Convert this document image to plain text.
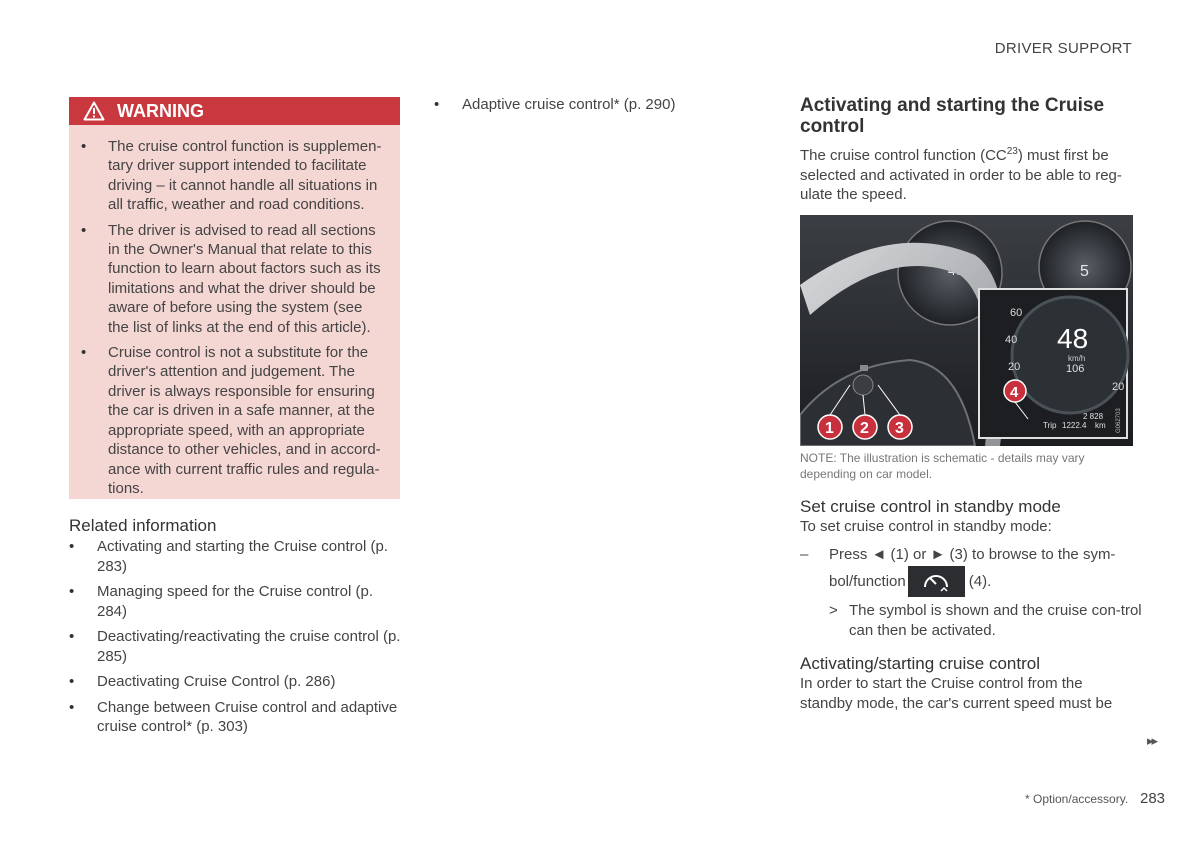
DRIVER SUPPORT
WARNING
• The cruise control function is supplemen-tary driver support intended to facilitate driving – it cannot handle all situations in all traffic, weather and road conditions.
• The driver is advised to read all sections in the Owner's Manual that relate to this function to learn about factors such as its limitations and what the driver should be aware of before using the system (see the list of links at the end of this article).
• Cruise control is not a substitute for the driver's attention and judgement. The driver is always responsible for ensuring the car is driven in a safe manner, at the appropriate speed, with an appropriate distance to other vehicles, and in accord-ance with current traffic rules and regula-tions.
Related information
• Activating and starting the Cruise control (p. 283)
• Managing speed for the Cruise control (p. 284)
• Deactivating/reactivating the cruise control (p. 285)
• Deactivating Cruise Control (p. 286)
• Change between Cruise control and adaptive cruise control* (p. 303)
• Adaptive cruise control* (p. 290)	Activating and starting the Cruise control
The cruise control function (CC$^{23}$) must first be selected and activated in order to be able to reg-ulate the speed.
5
48
km/h
106
60
40
20
20
2 828
Trip 1222.4 km G062703
1 2 3
4
NOTE: The illustration is schematic - details may vary depending on car model.
Set cruise control in standby mode
To set cruise control in standby mode:
– Press ◄ (1) or ► (3) to browse to the sym-
bol/function	(4).
> The symbol is shown and the cruise con-trol can then be activated.
Activating/starting cruise control
In order to start the Cruise control from the standby mode, the car's current speed must be
▸▸
* Option/accessory. 283
